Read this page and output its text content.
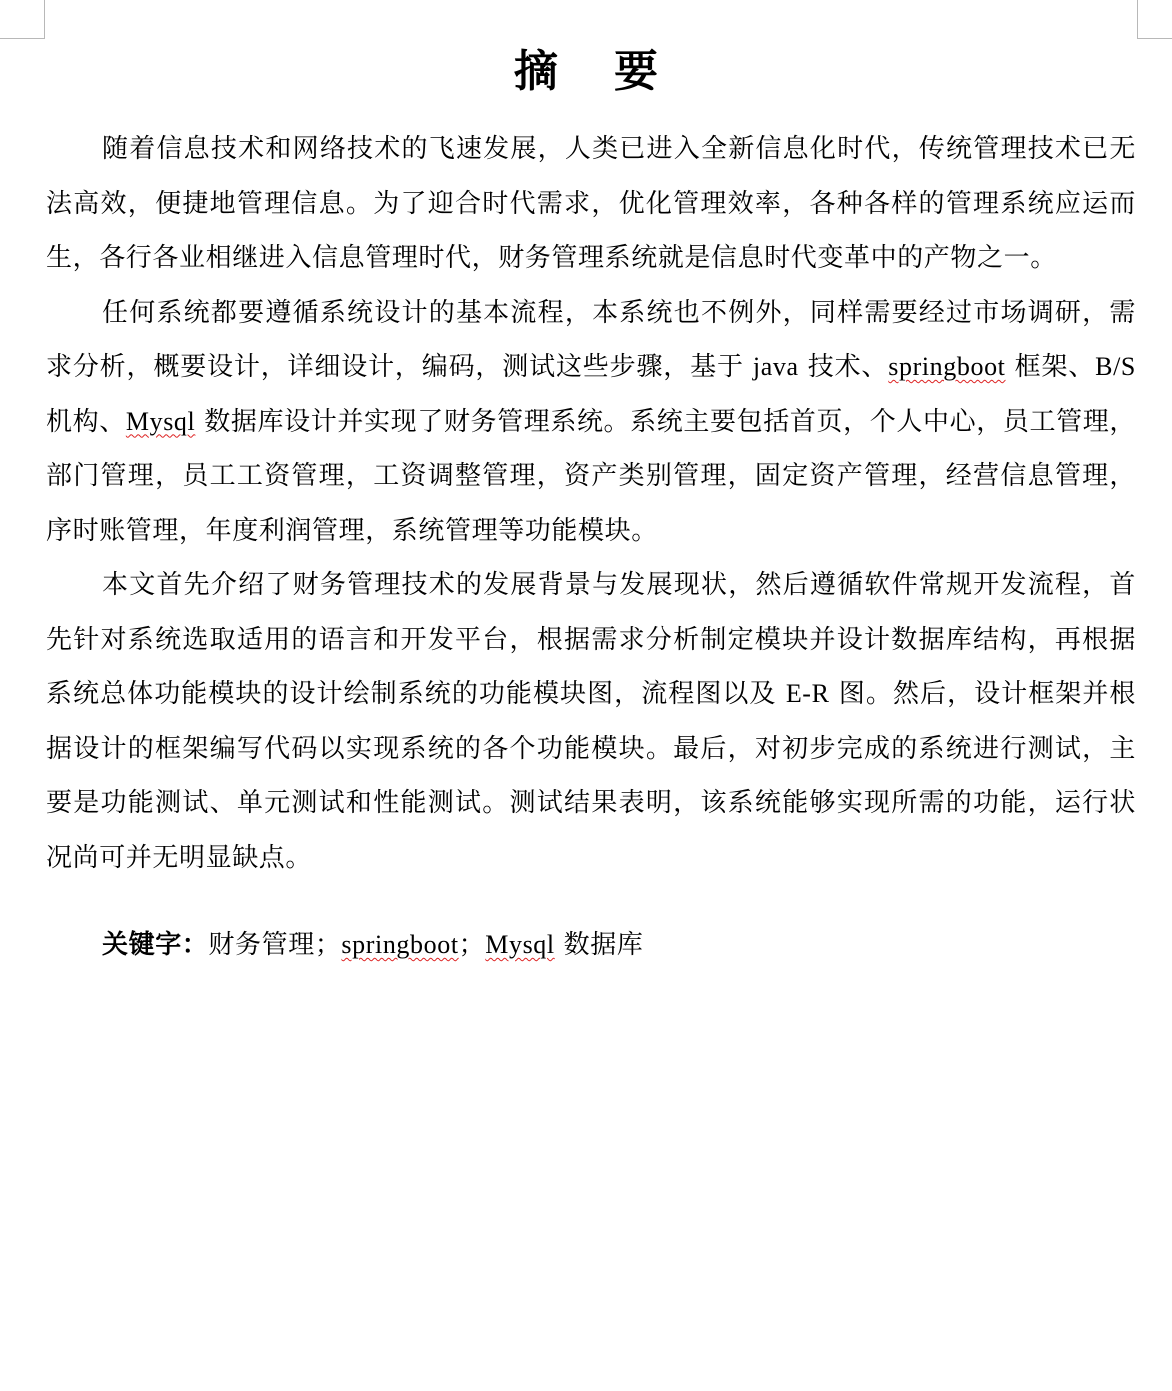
摘要

随着信息技术和网络技术的飞速发展，人类已进入全新信息化时代，传统管理技术已无法高效，便捷地管理信息。为了迎合时代需求，优化管理效率，各种各样的管理系统应运而生，各行各业相继进入信息管理时代，财务管理系统就是信息时代变革中的产物之一。

任何系统都要遵循系统设计的基本流程，本系统也不例外，同样需要经过市场调研，需求分析，概要设计，详细设计，编码，测试这些步骤，基于 java 技术、springboot 框架、B/S 机构、Mysql 数据库设计并实现了财务管理系统。系统主要包括首页，个人中心，员工管理，部门管理，员工工资管理，工资调整管理，资产类别管理，固定资产管理，经营信息管理，序时账管理，年度利润管理，系统管理等功能模块。

本文首先介绍了财务管理技术的发展背景与发展现状，然后遵循软件常规开发流程，首先针对系统选取适用的语言和开发平台，根据需求分析制定模块并设计数据库结构，再根据系统总体功能模块的设计绘制系统的功能模块图，流程图以及 E-R 图。然后，设计框架并根据设计的框架编写代码以实现系统的各个功能模块。最后，对初步完成的系统进行测试，主要是功能测试、单元测试和性能测试。测试结果表明，该系统能够实现所需的功能，运行状况尚可并无明显缺点。

关键字：财务管理；springboot；Mysql 数据库
